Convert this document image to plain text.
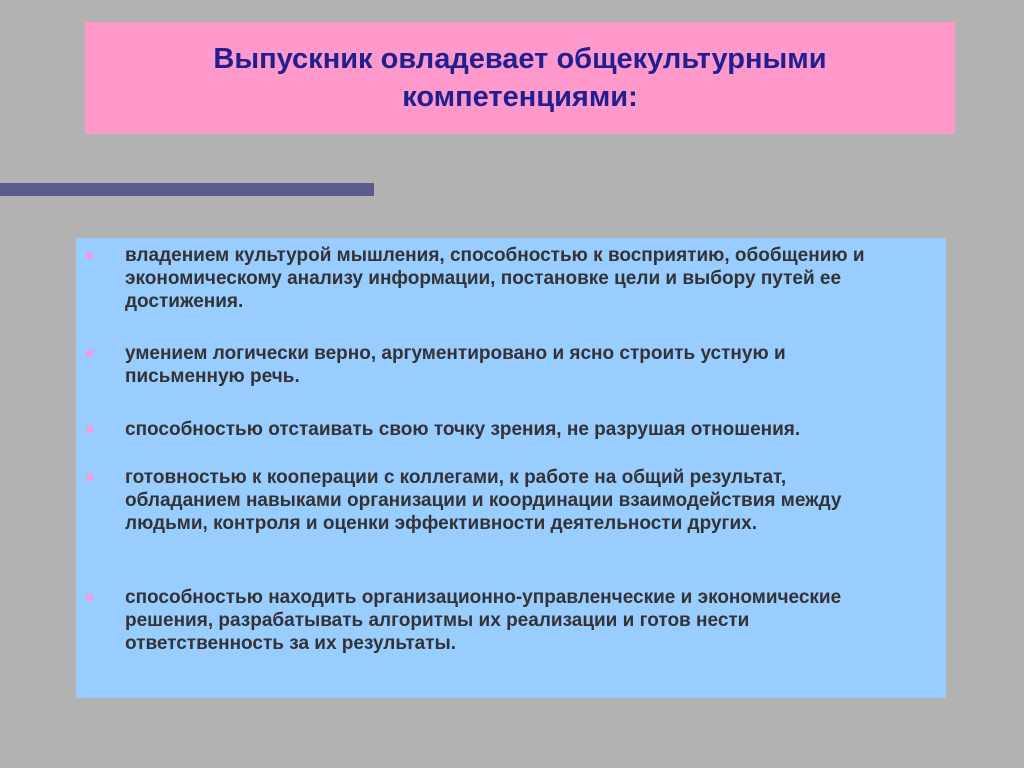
Выпускник овладевает общекультурными компетенциями:
владением культурой мышления, способностью к восприятию, обобщению и экономическому анализу информации, постановке цели и выбору путей ее достижения.
умением логически верно, аргументировано и ясно строить устную и письменную речь.
способностью отстаивать свою точку зрения, не разрушая отношения.
готовностью к кооперации с коллегами, к работе на общий результат, обладанием навыками организации и координации взаимодействия между людьми, контроля и оценки эффективности деятельности других.
способностью находить организационно-управленческие и экономические решения, разрабатывать алгоритмы их реализации и готов нести ответственность за их результаты.
